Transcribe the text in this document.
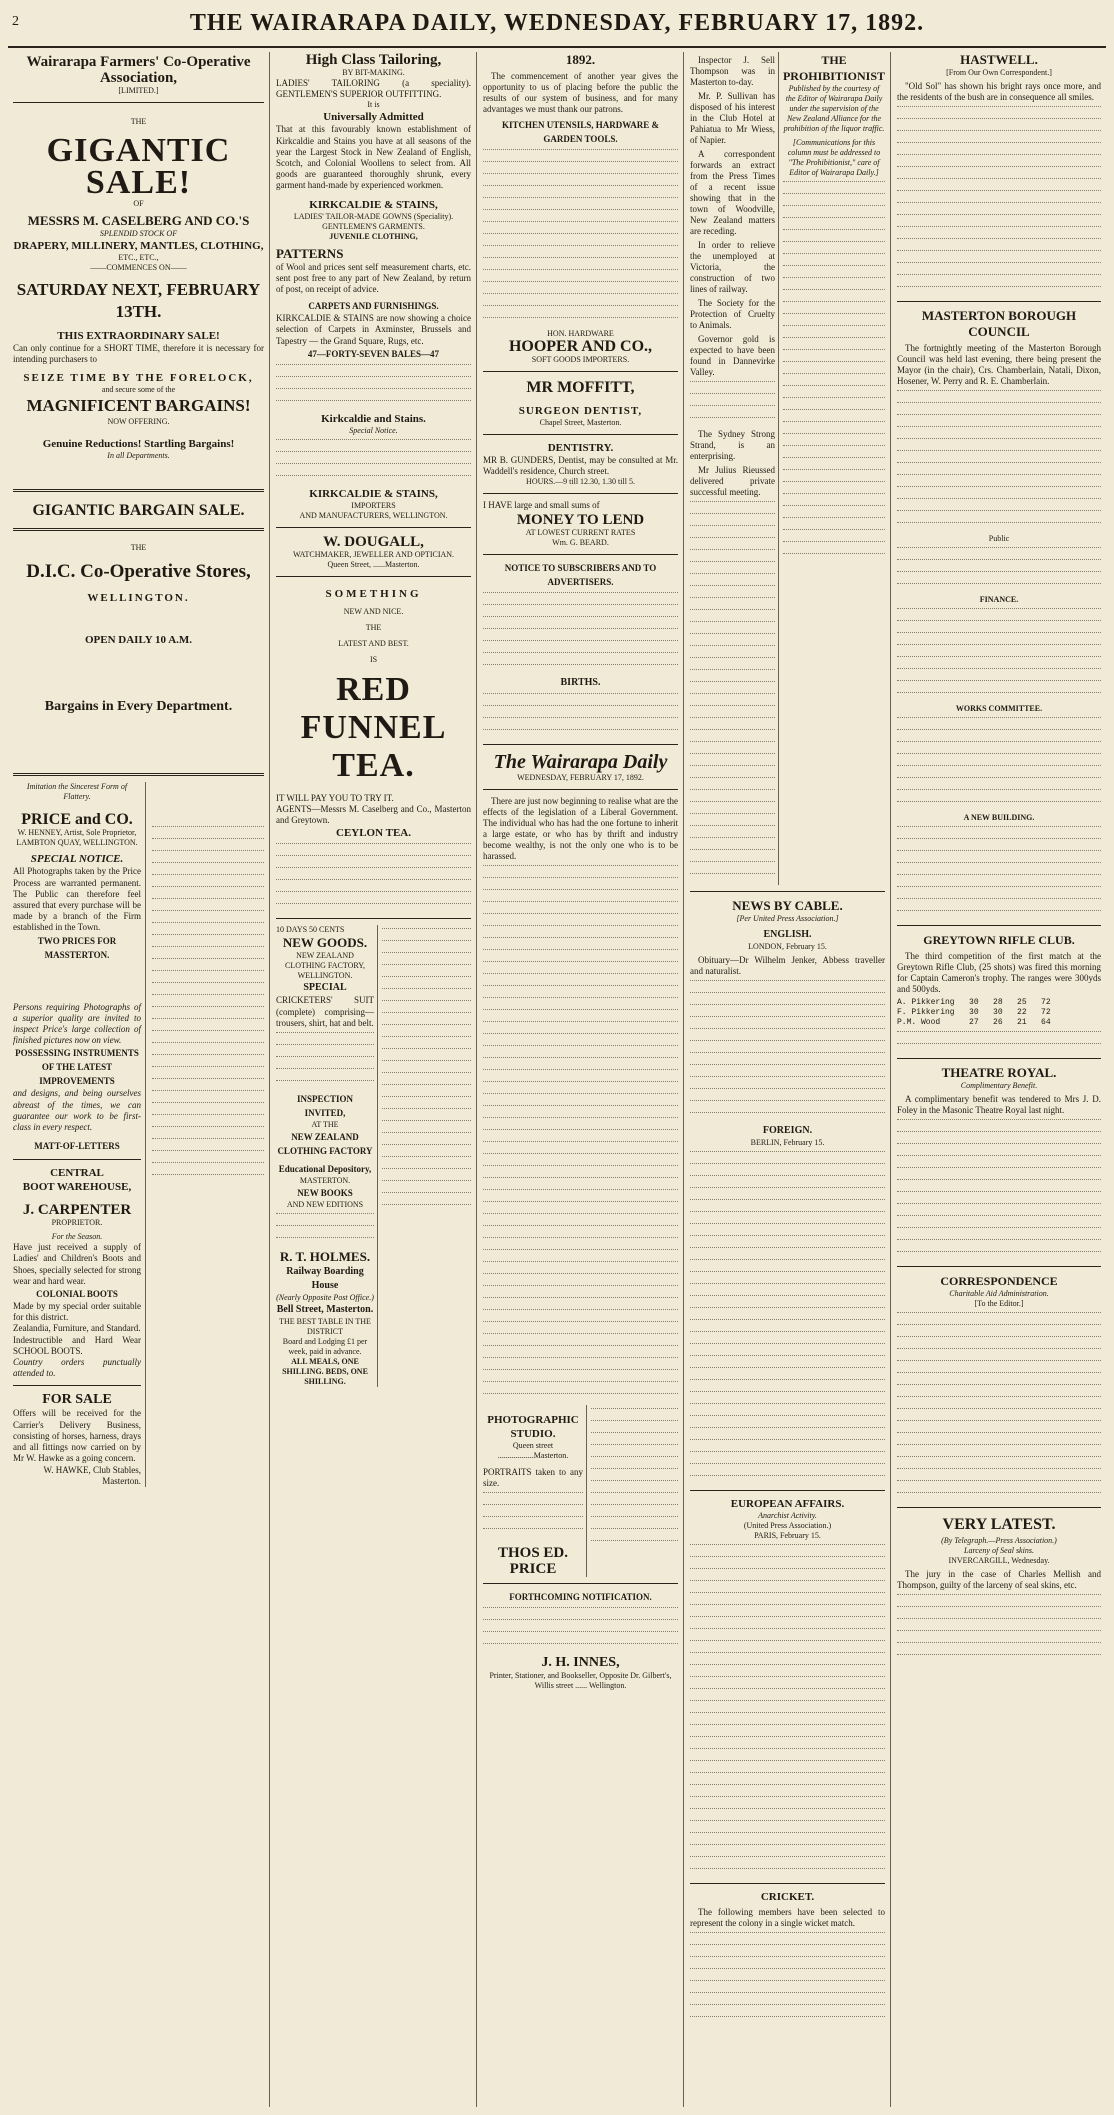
2	THE WAIRARAPA DAILY, WEDNESDAY, FEBRUARY 17, 1892.
Wairarapa Farmers' Co-Operative Association,
[LIMITED.]
THE
GIGANTIC SALE!
OF
MESSRS M. CASELBERG AND CO.'S
SPLENDID STOCK OF
DRAPERY, MILLINERY, MANTLES, CLOTHING,
ETC., ETC.,
——COMMENCES ON——
SATURDAY NEXT, FEBRUARY 13TH.
THIS EXTRAORDINARY SALE!
Can only continue for a SHORT TIME, therefore it is necessary for intending purchasers to
SEIZE TIME BY THE FORELOCK,
and secure some of the
MAGNIFICENT BARGAINS!
NOW OFFERING.
Genuine Reductions! Startling Bargains!
In all Departments.
GIGANTIC BARGAIN SALE.
THE
D.I.C. Co-Operative Stores,
WELLINGTON.
OPEN DAILY 10 A.M.
Bargains in Every Department.
Imitation the Sincerest Form of Flattery.
PRICE and CO.
W. HENNEY, Artist, Sole Proprietor, LAMBTON QUAY, WELLINGTON.
SPECIAL NOTICE.
All Photographs taken by the Price Process are warranted permanent. The Public can therefore feel assured that every purchase will be made by a branch of the Firm established in the Town.
TWO PRICES FOR MASSTERTON.
Persons requiring Photographs of a superior quality are invited to inspect Price's large collection of finished pictures now on view.
POSSESSING INSTRUMENTS OF THE LATEST IMPROVEMENTS
and designs, and being ourselves abreast of the times, we can guarantee our work to be first-class in every respect.
MATT-OF-LETTERS
CENTRAL
BOOT WAREHOUSE,
J. CARPENTER
PROPRIETOR.
For the Season.
Have just received a supply of Ladies' and Children's Boots and Shoes, specially selected for strong wear and hard wear.
COLONIAL BOOTS
Made by my special order suitable for this district.
Zealandia, Furniture, and Standard.
Indestructible and Hard Wear SCHOOL BOOTS.
Country orders punctually attended to.
FOR SALE
Offers will be received for the Carrier's Delivery Business, consisting of horses, harness, drays and all fittings now carried on by Mr W. Hawke as a going concern.
W. HAWKE, Club Stables, Masterton.

High Class Tailoring,
BY BIT-MAKING.
LADIES' TAILORING (a speciality). GENTLEMEN'S SUPERIOR OUTFITTING.
It is
Universally Admitted
That at this favourably known establishment of Kirkcaldie and Stains you have at all seasons of the year the Largest Stock in New Zealand of English, Scotch, and Colonial Woollens to select from. All goods are guaranteed thoroughly shrunk, every garment hand-made by experienced workmen.
KIRKCALDIE & STAINS,
LADIES' TAILOR-MADE GOWNS (Speciality).
GENTLEMEN'S GARMENTS.
JUVENILE CLOTHING,
PATTERNS
of Wool and prices sent self measurement charts, etc. sent post free to any part of New Zealand, by return of post, on receipt of advice.
CARPETS AND FURNISHINGS.
KIRKCALDIE & STAINS are now showing a choice selection of Carpets in Axminster, Brussels and Tapestry — the Grand Square, Rugs, etc.
47—FORTY-SEVEN BALES—47
Kirkcaldie and Stains.
Special Notice.
KIRKCALDIE & STAINS,
IMPORTERS
AND MANUFACTURERS, WELLINGTON.
W. DOUGALL,
WATCHMAKER, JEWELLER AND OPTICIAN.
Queen Street, ......Masterton.
SOMETHING
NEW AND NICE.
THE
LATEST AND BEST.
IS
RED FUNNEL
TEA.
IT WILL PAY YOU TO TRY IT.
AGENTS—Messrs M. Caselberg and Co., Masterton and Greytown.
CEYLON TEA.
10 DAYS 50 CENTS
NEW GOODS.
NEW ZEALAND CLOTHING FACTORY, WELLINGTON.
SPECIAL
CRICKETERS' SUIT (complete) comprising—trousers, shirt, hat and belt.
INSPECTION INVITED,
AT THE
NEW ZEALAND CLOTHING FACTORY
Educational Depository,
MASTERTON.
NEW BOOKS
AND NEW EDITIONS
R. T. HOLMES.
Railway Boarding House
(Nearly Opposite Post Office.)
Bell Street, Masterton.
THE BEST TABLE IN THE DISTRICT
Board and Lodging £1 per week, paid in advance.
ALL MEALS, ONE SHILLING. BEDS, ONE SHILLING.
1892.
The commencement of another year gives the opportunity to us of placing before the public the results of our system of business, and for many advantages we must thank our patrons.
KITCHEN UTENSILS, HARDWARE & GARDEN TOOLS.
HON. HARDWARE
HOOPER AND CO.,
SOFT GOODS IMPORTERS.
MR MOFFITT,
SURGEON DENTIST,
Chapel Street, Masterton.
DENTISTRY.
MR B. GUNDERS, Dentist, may be consulted at Mr. Waddell's residence, Church street.
HOURS.—9 till 12.30, 1.30 till 5.
I HAVE large and small sums of
MONEY TO LEND
AT LOWEST CURRENT RATES
Wm. G. BEARD.
NOTICE TO SUBSCRIBERS AND TO ADVERTISERS.
BIRTHS.
The Wairarapa Daily
WEDNESDAY, FEBRUARY 17, 1892.
There are just now beginning to realise what are the effects of the legislation of a Liberal Government. The individual who has had the one fortune to inherit a large estate, or who has by thrift and industry become wealthy, is not the only one who is to be harassed.
PHOTOGRAPHIC
STUDIO.
Queen street ..................Masterton.
PORTRAITS taken to any size.
THOS ED. PRICE
FORTHCOMING NOTIFICATION.
J. H. INNES,
Printer, Stationer, and Bookseller, Opposite Dr. Gilbert's, Willis street ...... Wellington.
Inspector J. Sell Thompson was in Masterton to-day.
Mr. P. Sullivan has disposed of his interest in the Club Hotel at Pahiatua to Mr Wiess, of Napier.
A correspondent forwards an extract from the Press Times of a recent issue showing that in the town of Woodville, New Zealand matters are receding.
In order to relieve the unemployed at Victoria, the construction of two lines of railway.
The Society for the Protection of Cruelty to Animals.
Governor gold is expected to have been found in Dannevirke Valley.
The Sydney Strong Strand, is an enterprising.
Mr Julius Rieussed delivered private successful meeting.
THE PROHIBITIONIST
Published by the courtesy of the Editor of Wairarapa Daily under the supervision of the New Zealand Alliance for the prohibition of the liquor traffic.
[Communications for this column must be addressed to "The Prohibitionist," care of Editor of Wairarapa Daily.]
NEWS BY CABLE.
[Per United Press Association.]
ENGLISH.
LONDON, February 15.
Obituary—Dr Wilhelm Jenker, Abbess traveller and naturalist.
FOREIGN.
BERLIN, February 15.
EUROPEAN AFFAIRS.
Anarchist Activity.
(United Press Association.)
PARIS, February 15.
CRICKET.
The following members have been selected to represent the colony in a single wicket match.
HASTWELL.
[From Our Own Correspondent.]
"Old Sol" has shown his bright rays once more, and the residents of the bush are in consequence all smiles.
MASTERTON BOROUGH COUNCIL
The fortnightly meeting of the Masterton Borough Council was held last evening, there being present the Mayor (in the chair), Crs. Chamberlain, Natali, Dixon, Hosener, W. Perry and R. E. Chamberlain.
Public
FINANCE.
WORKS COMMITTEE.
A NEW BUILDING.
GREYTOWN RIFLE CLUB.
The third competition of the first match at the Greytown Rifle Club, (25 shots) was fired this morning for Captain Cameron's trophy. The ranges were 300yds and 500yds.
A. Pikkering   30   28   25   72
F. Pikkering   30   30   22   72
P.M. Wood      27   26   21   64
THEATRE ROYAL.
Complimentary Benefit.
A complimentary benefit was tendered to Mrs J. D. Foley in the Masonic Theatre Royal last night.
CORRESPONDENCE
Charitable Aid Administration.
[To the Editor.]
VERY LATEST.
(By Telegraph.—Press Association.)
Larceny of Seal skins.
INVERCARGILL, Wednesday.
The jury in the case of Charles Mellish and Thompson, guilty of the larceny of seal skins, etc.
